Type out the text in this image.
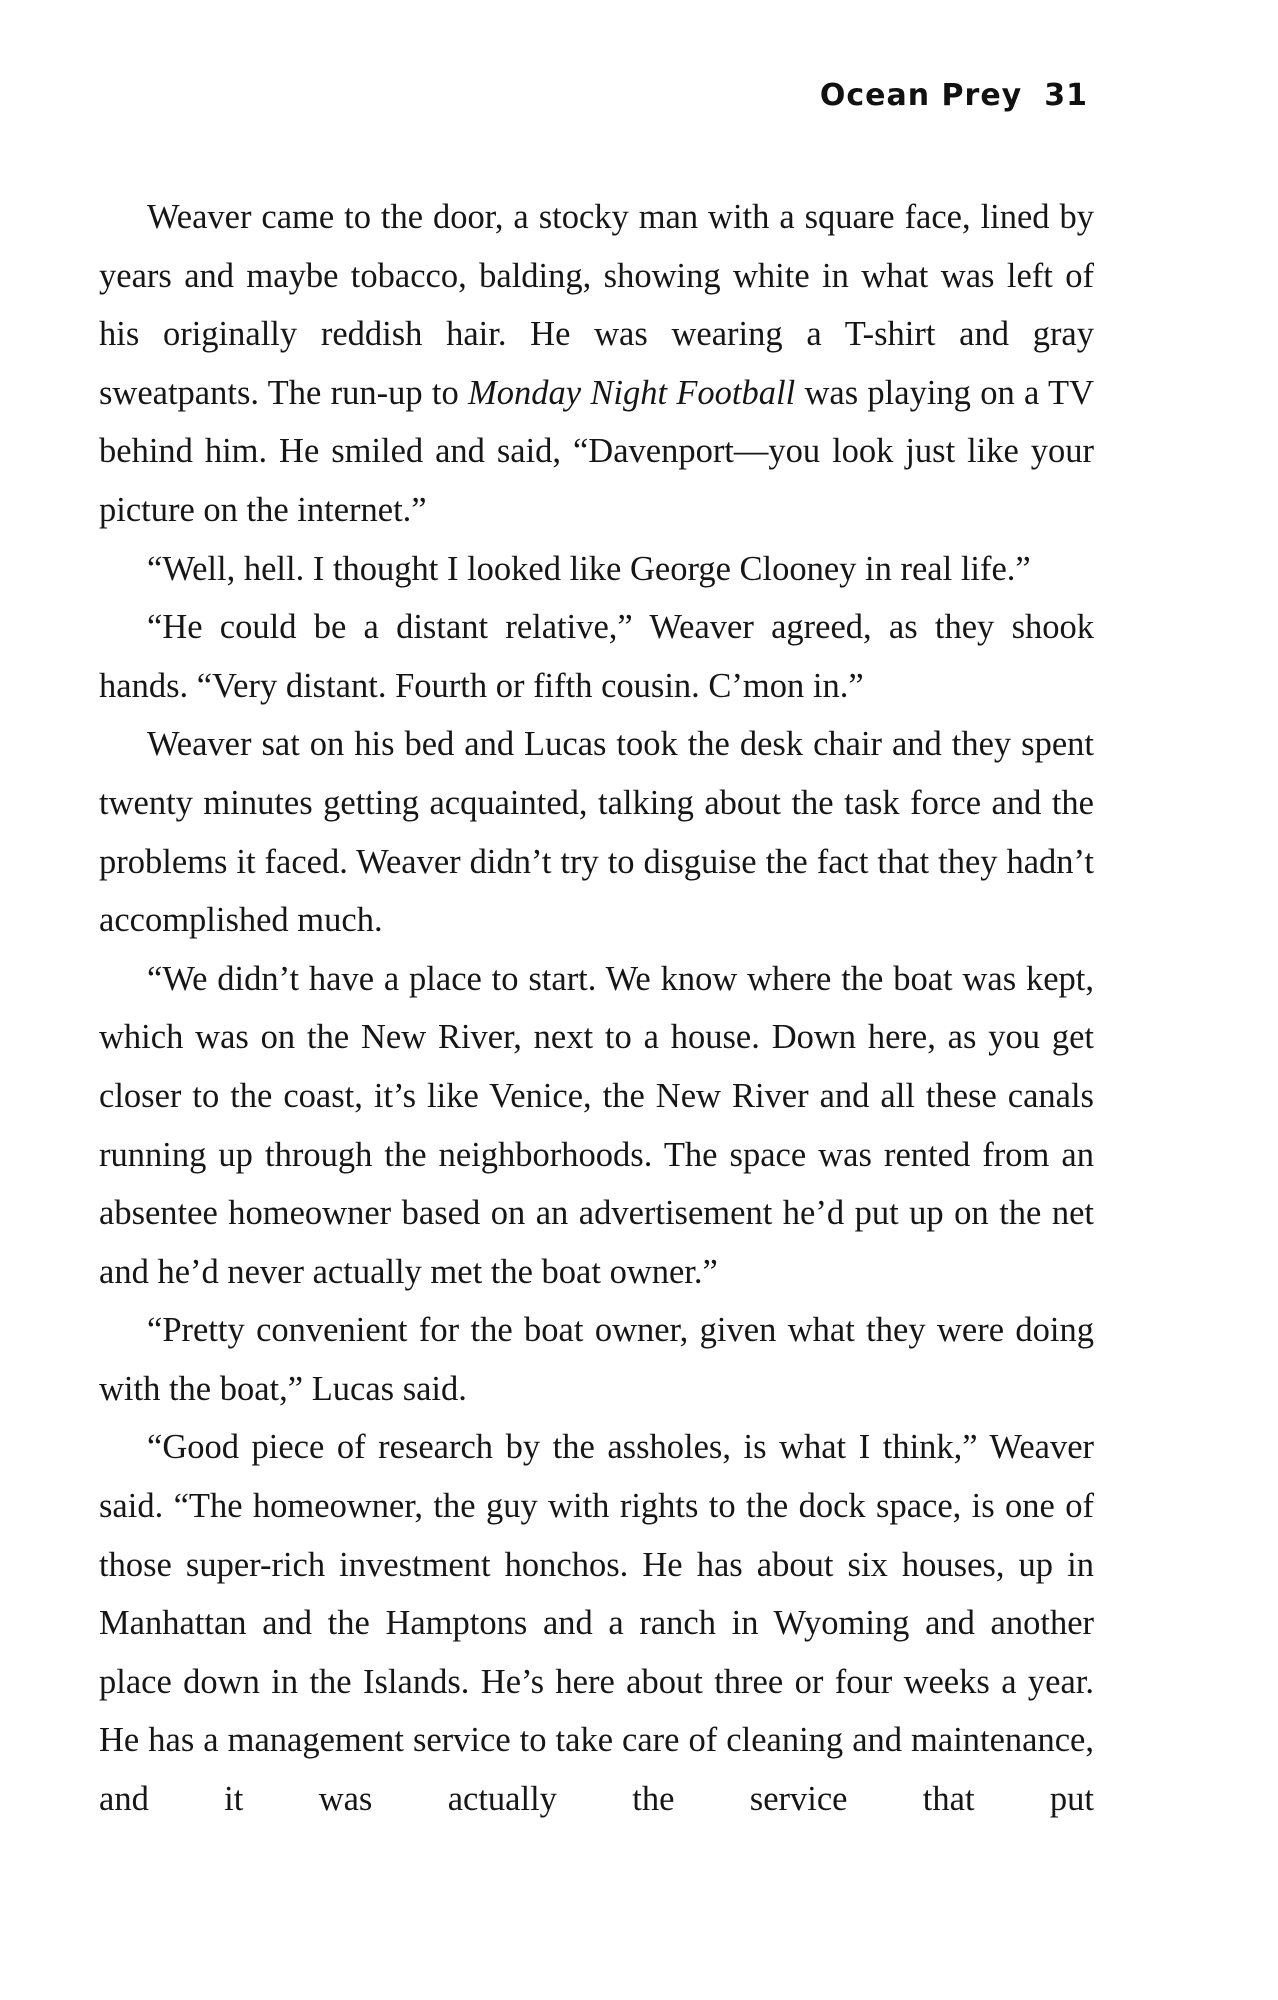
Ocean Prey 31

Weaver came to the door, a stocky man with a square face, lined by years and maybe tobacco, balding, showing white in what was left of his originally reddish hair. He was wearing a T-shirt and gray sweatpants. The run-up to Monday Night Football was playing on a TV behind him. He smiled and said, “Davenport—you look just like your picture on the internet.”

“Well, hell. I thought I looked like George Clooney in real life.”

“He could be a distant relative,” Weaver agreed, as they shook hands. “Very distant. Fourth or fifth cousin. C’mon in.”

Weaver sat on his bed and Lucas took the desk chair and they spent twenty minutes getting acquainted, talking about the task force and the problems it faced. Weaver didn’t try to disguise the fact that they hadn’t accomplished much.

“We didn’t have a place to start. We know where the boat was kept, which was on the New River, next to a house. Down here, as you get closer to the coast, it’s like Venice, the New River and all these canals running up through the neighborhoods. The space was rented from an absentee homeowner based on an advertisement he’d put up on the net and he’d never actually met the boat owner.”

“Pretty convenient for the boat owner, given what they were doing with the boat,” Lucas said.

“Good piece of research by the assholes, is what I think,” Weaver said. “The homeowner, the guy with rights to the dock space, is one of those super-rich investment honchos. He has about six houses, up in Manhattan and the Hamptons and a ranch in Wyoming and another place down in the Islands. He’s here about three or four weeks a year. He has a management service to take care of cleaning and maintenance, and it was actually the service that put
